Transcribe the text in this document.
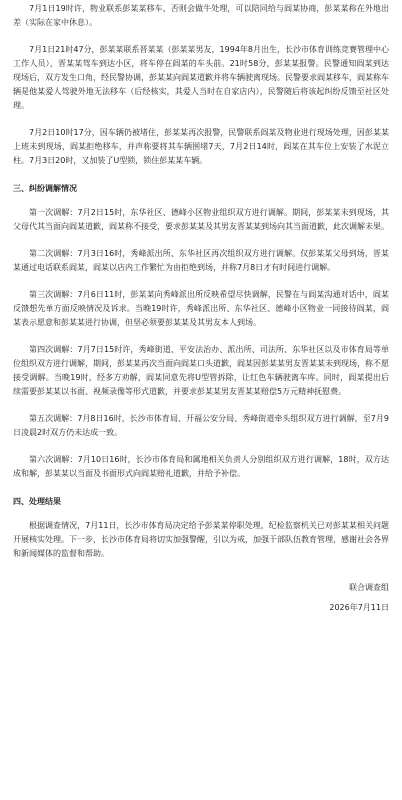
7月1日19时许，物业联系彭某某移车，否则会做牛处理，可以陪同给与阎某协商，彭某某称在外地出差（实际在家中休息）。

7月1日21时47分，彭某某联系晋某某（彭某某男友，1994年8月出生，长沙市体育训练竞赛管理中心工作人员），晋某某驾车到达小区，将车停在阎某的车头前。21时58分，彭某某报警。民警通知阎某到达现场后，双方发生口角，经民警协调，彭某某向阎某道歉并将车辆驶离现场。民警要求阎某移车，阎某称车辆是他某爱人驾驶外地无法移车（后经核实，其爱人当时在自家店内），民警随后将该起纠纷反馈至社区处理。

7月2日10时17分，因车辆仍被堵住，彭某某再次报警，民警联系阎某及物业进行现场处理，因彭某某上班未到现场，阎某拒绝移车，并声称要将其车辆围堵7天，7月2日14时，阎某在其车位上安装了水泥立柱。7月3日20时，又加装了U型锁，锁住彭某某车辆。

三、纠纷调解情况

第一次调解：7月2日15时，东华社区、德峰小区物业组织双方进行调解。期间，彭某某未到现场，其父母代其当面向阎某道歉，阎某称不接受，要求彭某某及其男友晋某某到场向其当面道歉，此次调解未果。

第二次调解：7月3日16时，秀峰派出所、东华社区再次组织双方进行调解。仅彭某某父母到场，晋某某通过电话联系阎某，阎某以店内工作繁忙为由拒绝到场，并称7月8日才有时间进行调解。

第三次调解：7月6日11时，彭某某向秀峰派出所反映希望尽快调解，民警在与阎某沟通对话中，阎某反馈想先单方面反映情况及诉求。当晚19时许，秀峰派出所、东华社区、德峰小区物业一同接待阎某，阎某表示愿意和彭某某进行协调，但坚必须要彭某某及其男友本人到场。

第四次调解：7月7日15时许，秀峰街道、平安法治办、派出所、司法所、东华社区以及市体育局等单位组织双方进行调解，期间，彭某某再次当面向阎某口头道歉，阎某因彭某某男友晋某某未到现场，称不愿接受调解。当晚19时，经多方劝解，阎某同意先将U型管拆除，让红色车辆驶离车库。同时，阎某提出后续需要彭某某以书面、视频录像等形式道歉，并要求彭某某男友晋某某赔偿5万元精神抚慰费。

第五次调解：7月8日16时，长沙市体育局、开福公安分局、秀峰街道牵头组织双方进行调解，至7月9日凌晨2时双方仍未达成一致。

第六次调解：7月10日16时，长沙市体育局和属地相关负责人分别组织双方进行调解，18时，双方达成和解，彭某某以当面及书面形式向阎某赔礼道歉，并给予补偿。

四、处理结果

根据调查情况，7月11日，长沙市体育局决定给予彭某某停职处理，纪检监察机关已对彭某某相关问题开展核实处理。下一步，长沙市体育局将切实加强警醒，引以为戒，加强干部队伍教育管理，感谢社会各界和新闻媒体的监督和帮助。

联合调查组

2026年7月11日
